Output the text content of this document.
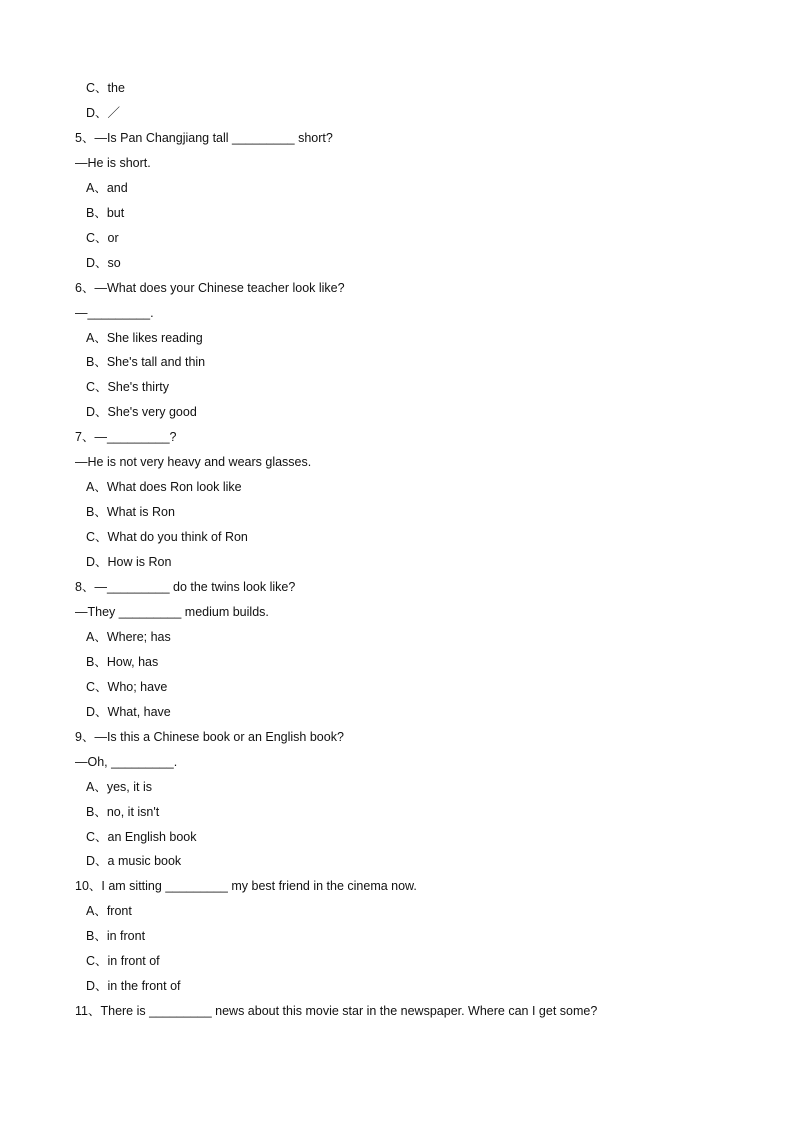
C、the
D、／
5、—Is Pan Changjiang tall _________ short?
—He is short.
A、and
B、but
C、or
D、so
6、—What does your Chinese teacher look like?
—_________.
A、She likes reading
B、She's tall and thin
C、She's thirty
D、She's very good
7、—_________?
—He is not very heavy and wears glasses.
A、What does Ron look like
B、What is Ron
C、What do you think of Ron
D、How is Ron
8、—_________ do the twins look like?
—They _________ medium builds.
A、Where; has
B、How, has
C、Who; have
D、What, have
9、—Is this a Chinese book or an English book?
—Oh, _________.
A、yes, it is
B、no, it isn't
C、an English book
D、a music book
10、I am sitting _________ my best friend in the cinema now.
A、front
B、in front
C、in front of
D、in the front of
11、There is _________ news about this movie star in the newspaper. Where can I get some?
